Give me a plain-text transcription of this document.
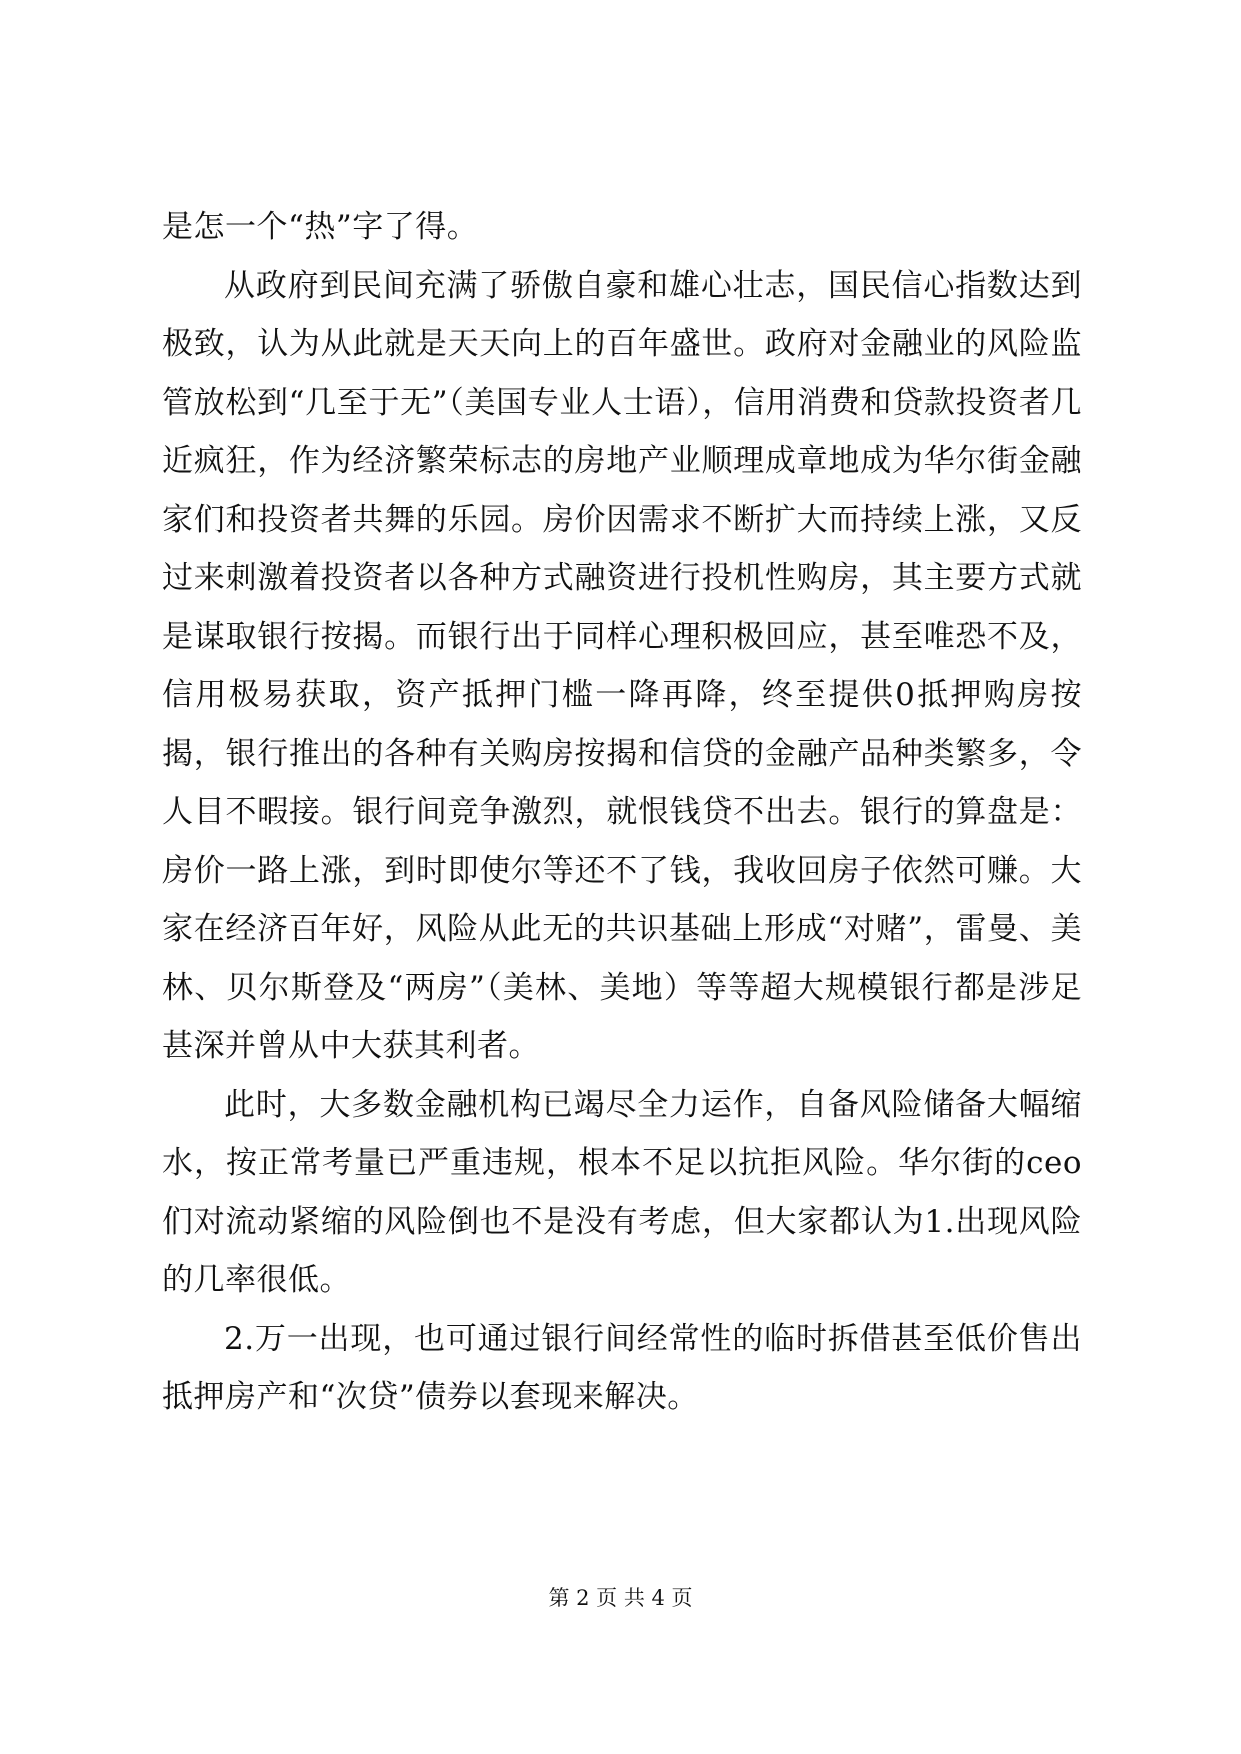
是怎一个“热”字了得。

从政府到民间充满了骄傲自豪和雄心壮志，国民信心指数达到极致，认为从此就是天天向上的百年盛世。政府对金融业的风险监管放松到“几至于无”（美国专业人士语），信用消费和贷款投资者几近疯狂，作为经济繁荣标志的房地产业顺理成章地成为华尔街金融家们和投资者共舞的乐园。房价因需求不断扩大而持续上涨，又反过来刺激着投资者以各种方式融资进行投机性购房，其主要方式就是谋取银行按揭。而银行出于同样心理积极回应，甚至唯恐不及，信用极易获取，资产抵押门槛一降再降，终至提供0抵押购房按揭，银行推出的各种有关购房按揭和信贷的金融产品种类繁多，令人目不暇接。银行间竞争激烈，就恨钱贷不出去。银行的算盘是：房价一路上涨，到时即使尔等还不了钱，我收回房子依然可赚。大家在经济百年好，风险从此无的共识基础上形成“对赌”，雷曼、美林、贝尔斯登及“两房”（美林、美地）等等超大规模银行都是涉足甚深并曾从中大获其利者。

此时，大多数金融机构已竭尽全力运作，自备风险储备大幅缩水，按正常考量已严重违规，根本不足以抗拒风险。华尔街的ceo们对流动紧缩的风险倒也不是没有考虑，但大家都认为1.出现风险的几率很低。

2.万一出现，也可通过银行间经常性的临时拆借甚至低价售出抵押房产和“次贷”债券以套现来解决。

第 2 页 共 4 页
